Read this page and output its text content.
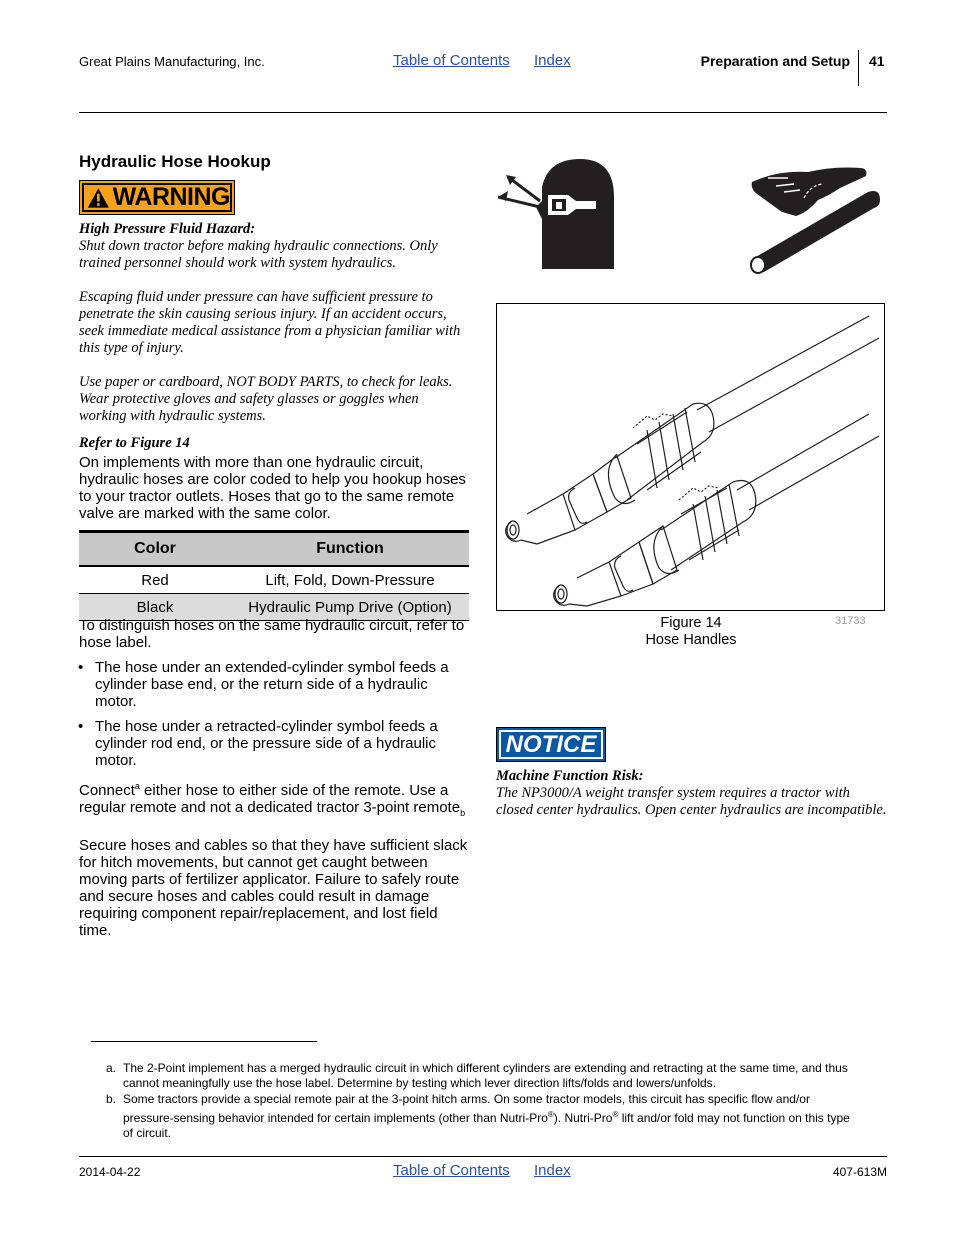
Great Plains Manufacturing, Inc.	Table of Contents Index	Preparation and Setup 41
Hydraulic Hose Hookup
WARNING
High Pressure Fluid Hazard:
Shut down tractor before making hydraulic connections. Only trained personnel should work with system hydraulics.
Escaping fluid under pressure can have sufficient pressure to penetrate the skin causing serious injury. If an accident occurs, seek immediate medical assistance from a physician familiar with this type of injury.
Use paper or cardboard, NOT BODY PARTS, to check for leaks. Wear protective gloves and safety glasses or goggles when working with hydraulic systems.
Refer to Figure 14
On implements with more than one hydraulic circuit, hydraulic hoses are color coded to help you hookup hoses to your tractor outlets. Hoses that go to the same remote valve are marked with the same color.
Color	Function
Red	Lift, Fold, Down-Pressure
Black	Hydraulic Pump Drive (Option)
To distinguish hoses on the same hydraulic circuit, refer to hose label.
• The hose under an extended-cylinder symbol feeds a cylinder base end, or the return side of a hydraulic motor.
• The hose under a retracted-cylinder symbol feeds a cylinder rod end, or the pressure side of a hydraulic motor.
Connect$^a$ either hose to either side of the remote. Use a regular remote and not a dedicated tractor 3-point remote$^b$
Secure hoses and cables so that they have sufficient slack for hitch movements, but cannot get caught between moving parts of fertilizer applicator. Failure to safely route and secure hoses and cables could result in damage requiring component repair/replacement, and lost field time.
Figure 14
Hose Handles
31733
NOTICE
Machine Function Risk:
The NP3000/A weight transfer system requires a tractor with closed center hydraulics. Open center hydraulics are incompatible.
a. The 2-Point implement has a merged hydraulic circuit in which different cylinders are extending and retracting at the same time, and thus cannot meaningfully use the hose label. Determine by testing which lever direction lifts/folds and lowers/unfolds.
b. Some tractors provide a special remote pair at the 3-point hitch arms. On some tractor models, this circuit has specific flow and/or pressure-sensing behavior intended for certain implements (other than Nutri-Pro®). Nutri-Pro® lift and/or fold may not function on this type of circuit.
2014-04-22	Table of Contents Index	407-613M
